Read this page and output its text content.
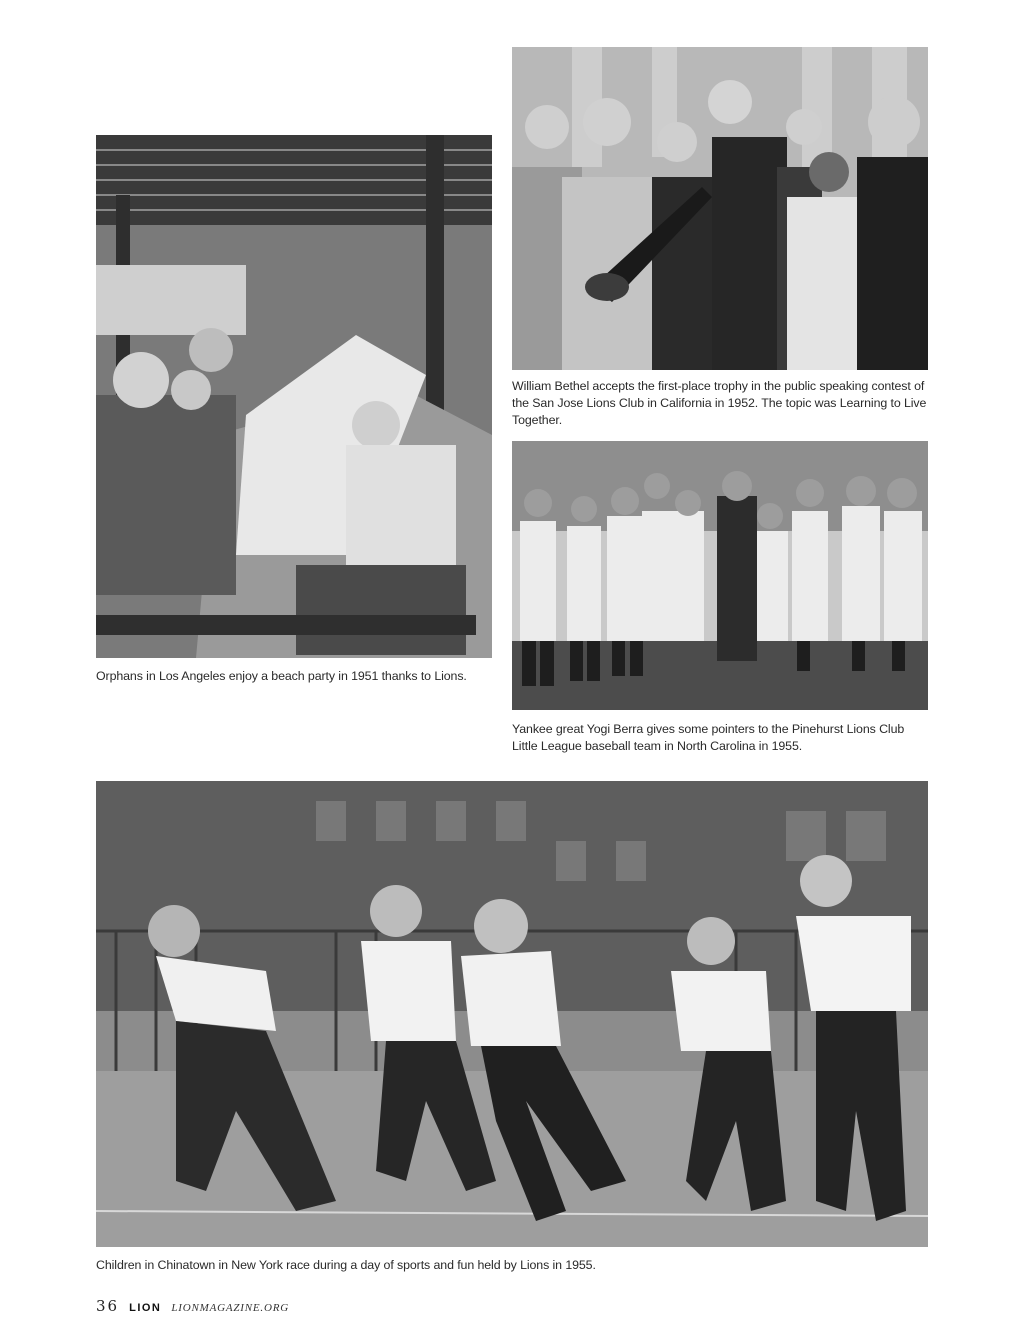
Orphans in Los Angeles enjoy a beach party in 1951 thanks to Lions.
William Bethel accepts the first-place trophy in the public speaking contest of the San Jose Lions Club in California in 1952. The topic was Learning to Live Together.
Yankee great Yogi Berra gives some pointers to the Pinehurst Lions Club Little League baseball team in North Carolina in 1955.
Children in Chinatown in New York race during a day of sports and fun held by Lions in 1955.
36 LION LIONMAGAZINE.ORG
